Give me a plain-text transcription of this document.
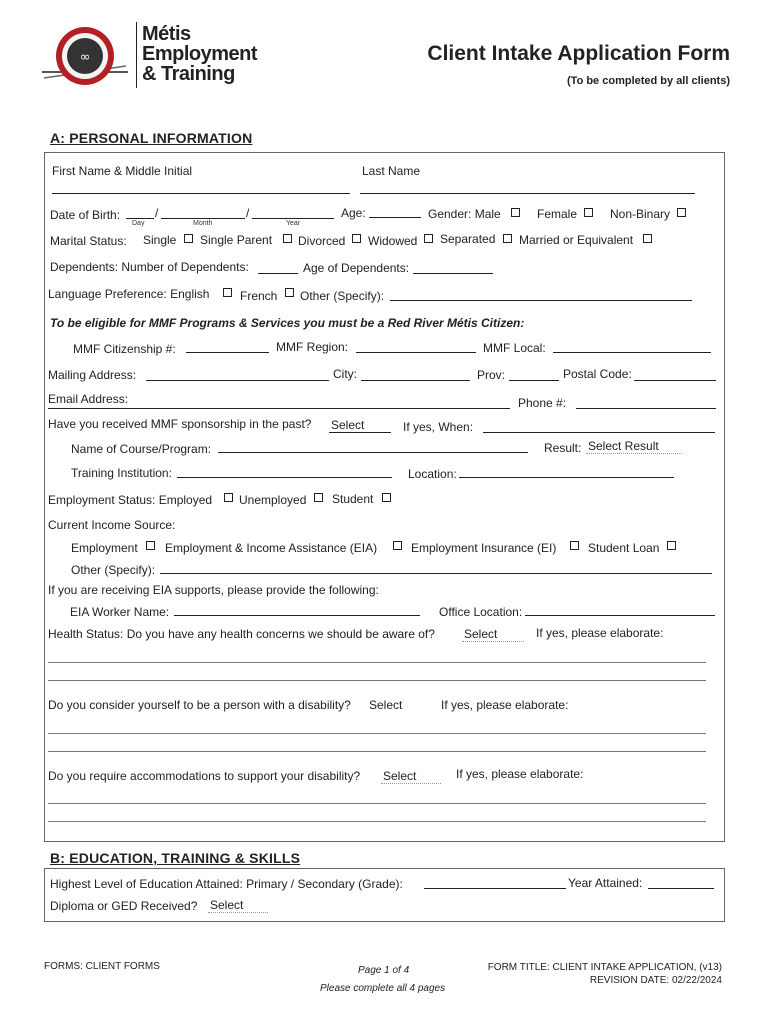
∞
Métis
Employment
& Training
Client Intake Application Form
(To be completed by all clients)
A: PERSONAL INFORMATION
First Name & Middle Initial	Last Name
Date of Birth:	/	/
Day	Month	Year
Age:	Gender: Male	Female	Non-Binary
Marital Status: Single Single Parent Divorced Widowed Separated Married or Equivalent
Dependents: Number of Dependents:	Age of Dependents:
Language Preference: English	French Other (Specify):
To be eligible for MMF Programs & Services you must be a Red River Métis Citizen:
MMF Citizenship #:	MMF Region:	MMF Local:
Mailing Address:	City:	Prov:	Postal Code:
Email Address:	Phone #:
Have you received MMF sponsorship in the past? Select	If yes, When:
Name of Course/Program:	Result: Select Result
Training Institution:	Location:
Employment Status: Employed Unemployed Student
Current Income Source:
Employment Employment & Income Assistance (EIA)	Employment Insurance (EI)	Student Loan
Other (Specify):
If you are receiving EIA supports, please provide the following:
EIA Worker Name:	Office Location:
Health Status: Do you have any health concerns we should be aware of? Select	If yes, please elaborate:
Do you consider yourself to be a person with a disability? Select	If yes, please elaborate:
Do you require accommodations to support your disability? Select	If yes, please elaborate:
B: EDUCATION, TRAINING & SKILLS
Highest Level of Education Attained: Primary / Secondary (Grade):	Year Attained:
Diploma or GED Received? Select
FORMS: CLIENT FORMS	Page 1 of 4
Please complete all 4 pages
FORM TITLE: CLIENT INTAKE APPLICATION, (v13)
REVISION DATE: 02/22/2024
